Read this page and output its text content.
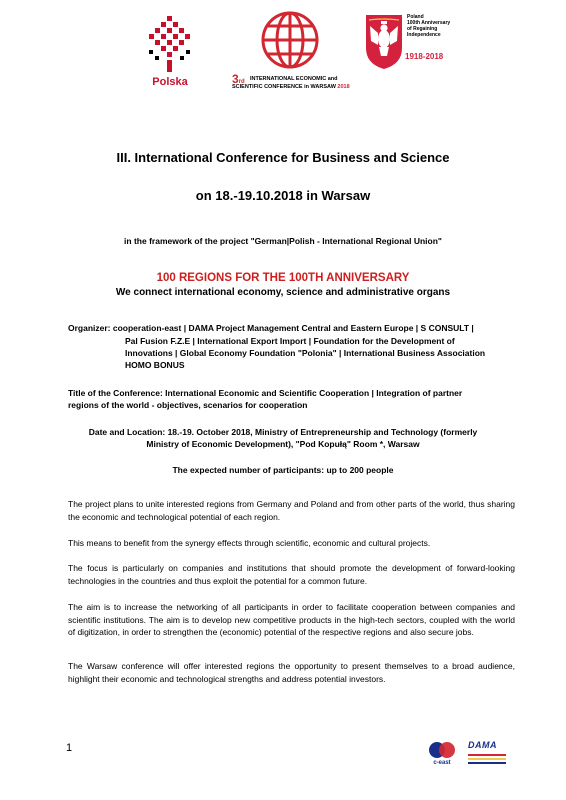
Polska	3rd INTERNATIONAL ECONOMIC and
SCIENTIFIC CONFERENCE in WARSAW 2018
Poland
100th Anniversary
of Regaining
Independence
1918-2018
III. International Conference for Business and Science
on 18.-19.10.2018 in Warsaw
in the framework of the project "German|Polish - International Regional Union"
100 REGIONS FOR THE 100TH ANNIVERSARY
We connect international economy, science and administrative organs
Organizer: cooperation-east | DAMA Project Management Central and Eastern Europe | S CONSULT |
Pal Fusion F.Z.E | International Export Import | Foundation for the Development of
Innovations | Global Economy Foundation "Polonia" | International Business Association
HOMO BONUS
Title of the Conference: International Economic and Scientific Cooperation | Integration of partner
regions of the world - objectives, scenarios for cooperation
Date and Location: 18.-19. October 2018, Ministry of Entrepreneurship and Technology (formerly
Ministry of Economic Development), "Pod Kopułą" Room *, Warsaw
The expected number of participants: up to 200 people
The project plans to unite interested regions from Germany and Poland and from other parts of the world, thus sharing the economic and technological potential of each region.
This means to benefit from the synergy effects through scientific, economic and cultural projects.
The focus is particularly on companies and institutions that should promote the development of forward-looking technologies in the countries and thus exploit the potential for a common future.
The aim is to increase the networking of all participants in order to facilitate cooperation between companies and scientific institutions. The aim is to develop new competitive products in the high-tech sectors, coupled with the world of digitization, in order to strengthen the (economic) potential of the respective regions and also secure jobs.
The Warsaw conference will offer interested regions the opportunity to present themselves to a broad audience, highlight their economic and technological strengths and address potential investors.
1
c-east
DAMA
